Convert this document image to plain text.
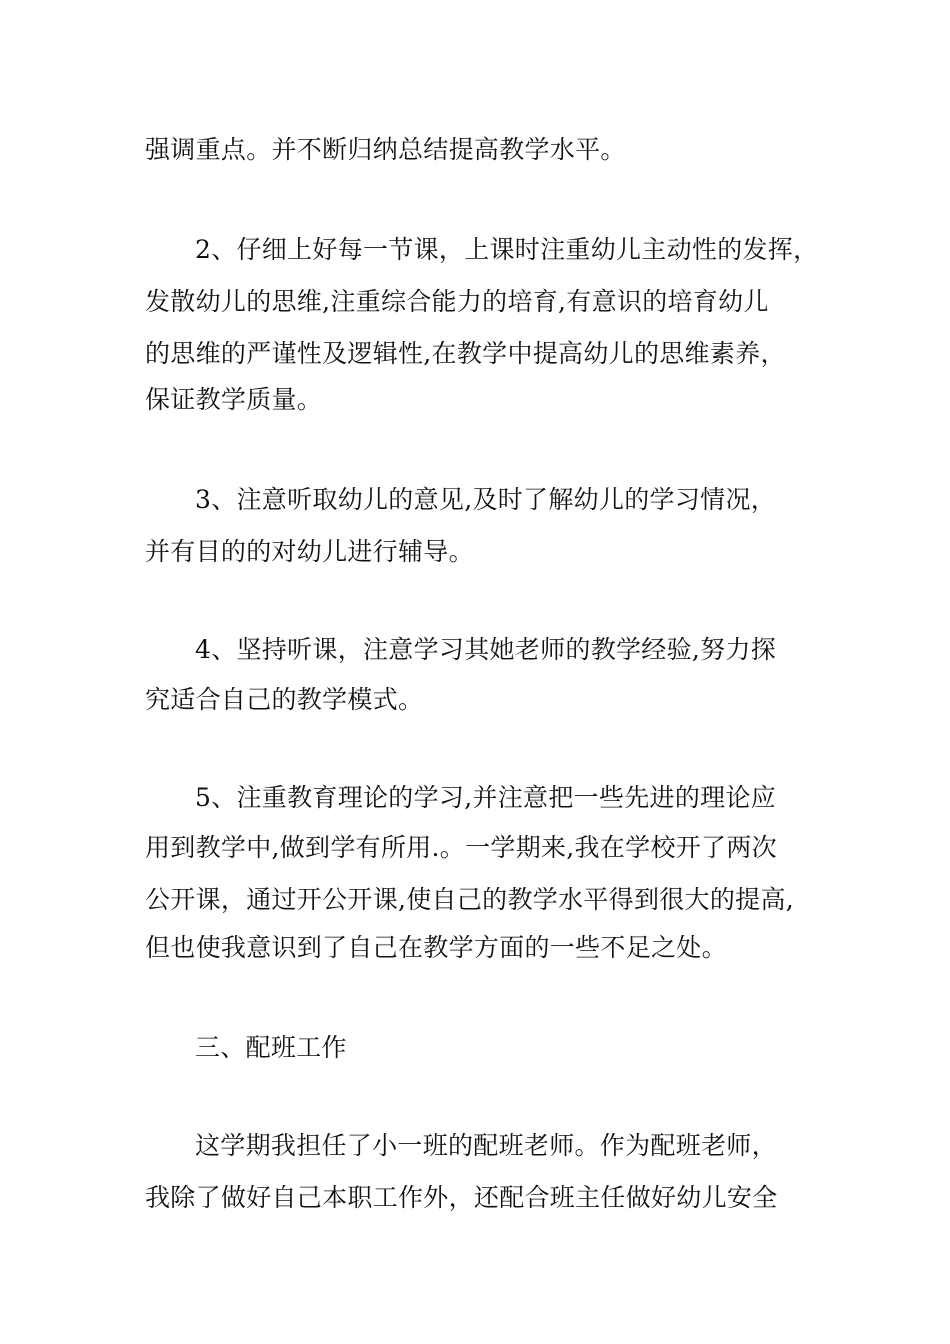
强调重点。并不断归纳总结提高教学水平。
2、仔细上好每一节课，上课时注重幼儿主动性的发挥，
发散幼儿的思维,注重综合能力的培育,有意识的培育幼儿
的思维的严谨性及逻辑性,在教学中提高幼儿的思维素养，
保证教学质量。
3、注意听取幼儿的意见,及时了解幼儿的学习情况，
并有目的的对幼儿进行辅导。
4、坚持听课，注意学习其她老师的教学经验,努力探
究适合自己的教学模式。
5、注重教育理论的学习,并注意把一些先进的理论应
用到教学中,做到学有所用.。一学期来,我在学校开了两次
公开课，通过开公开课,使自己的教学水平得到很大的提高,
但也使我意识到了自己在教学方面的一些不足之处。
三、配班工作
这学期我担任了小一班的配班老师。作为配班老师，
我除了做好自己本职工作外，还配合班主任做好幼儿安全
